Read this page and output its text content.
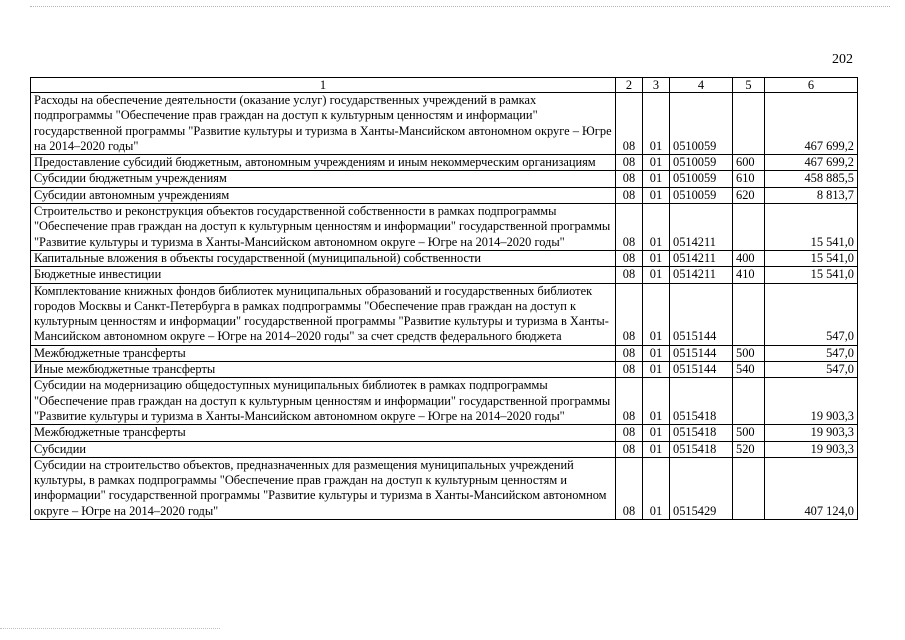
202
1	2	3	4	5	6
Расходы на обеспечение деятельности (оказание услуг) государственных учреждений в рамках подпрограммы "Обеспечение прав граждан на доступ к культурным ценностям и информации" государственной программы "Развитие культуры и туризма в Ханты-Мансийском автономном округе – Югре на 2014–2020 годы"	08	01	0510059		467 699,2
Предоставление субсидий бюджетным, автономным учреждениям и иным некоммерческим организациям	08	01	0510059	600	467 699,2
Субсидии бюджетным учреждениям	08	01	0510059	610	458 885,5
Субсидии автономным учреждениям	08	01	0510059	620	8 813,7
Строительство и реконструкция объектов государственной собственности в рамках подпрограммы "Обеспечение прав граждан на доступ к культурным ценностям и информации" государственной программы "Развитие культуры и туризма в Ханты-Мансийском автономном округе – Югре на 2014–2020 годы"	08	01	0514211		15 541,0
Капитальные вложения в объекты государственной (муниципальной) собственности	08	01	0514211	400	15 541,0
Бюджетные инвестиции	08	01	0514211	410	15 541,0
Комплектование книжных фондов библиотек муниципальных образований и государственных библиотек городов Москвы и Санкт-Петербурга в рамках подпрограммы "Обеспечение прав граждан на доступ к культурным ценностям и информации" государственной программы "Развитие культуры и туризма в Ханты-Мансийском автономном округе – Югре на 2014–2020 годы" за счет средств федерального бюджета	08	01	0515144		547,0
Межбюджетные трансферты	08	01	0515144	500	547,0
Иные межбюджетные трансферты	08	01	0515144	540	547,0
Субсидии на модернизацию общедоступных муниципальных библиотек в рамках подпрограммы "Обеспечение прав граждан на доступ к культурным ценностям и информации" государственной программы "Развитие культуры и туризма в Ханты-Мансийском автономном округе – Югре на 2014–2020 годы"	08	01	0515418		19 903,3
Межбюджетные трансферты	08	01	0515418	500	19 903,3
Субсидии	08	01	0515418	520	19 903,3
Субсидии на строительство объектов, предназначенных для размещения муниципальных учреждений культуры, в рамках подпрограммы "Обеспечение прав граждан на доступ к культурным ценностям и информации" государственной программы "Развитие культуры и туризма в Ханты-Мансийском автономном округе – Югре на 2014–2020 годы"	08	01	0515429		407 124,0
